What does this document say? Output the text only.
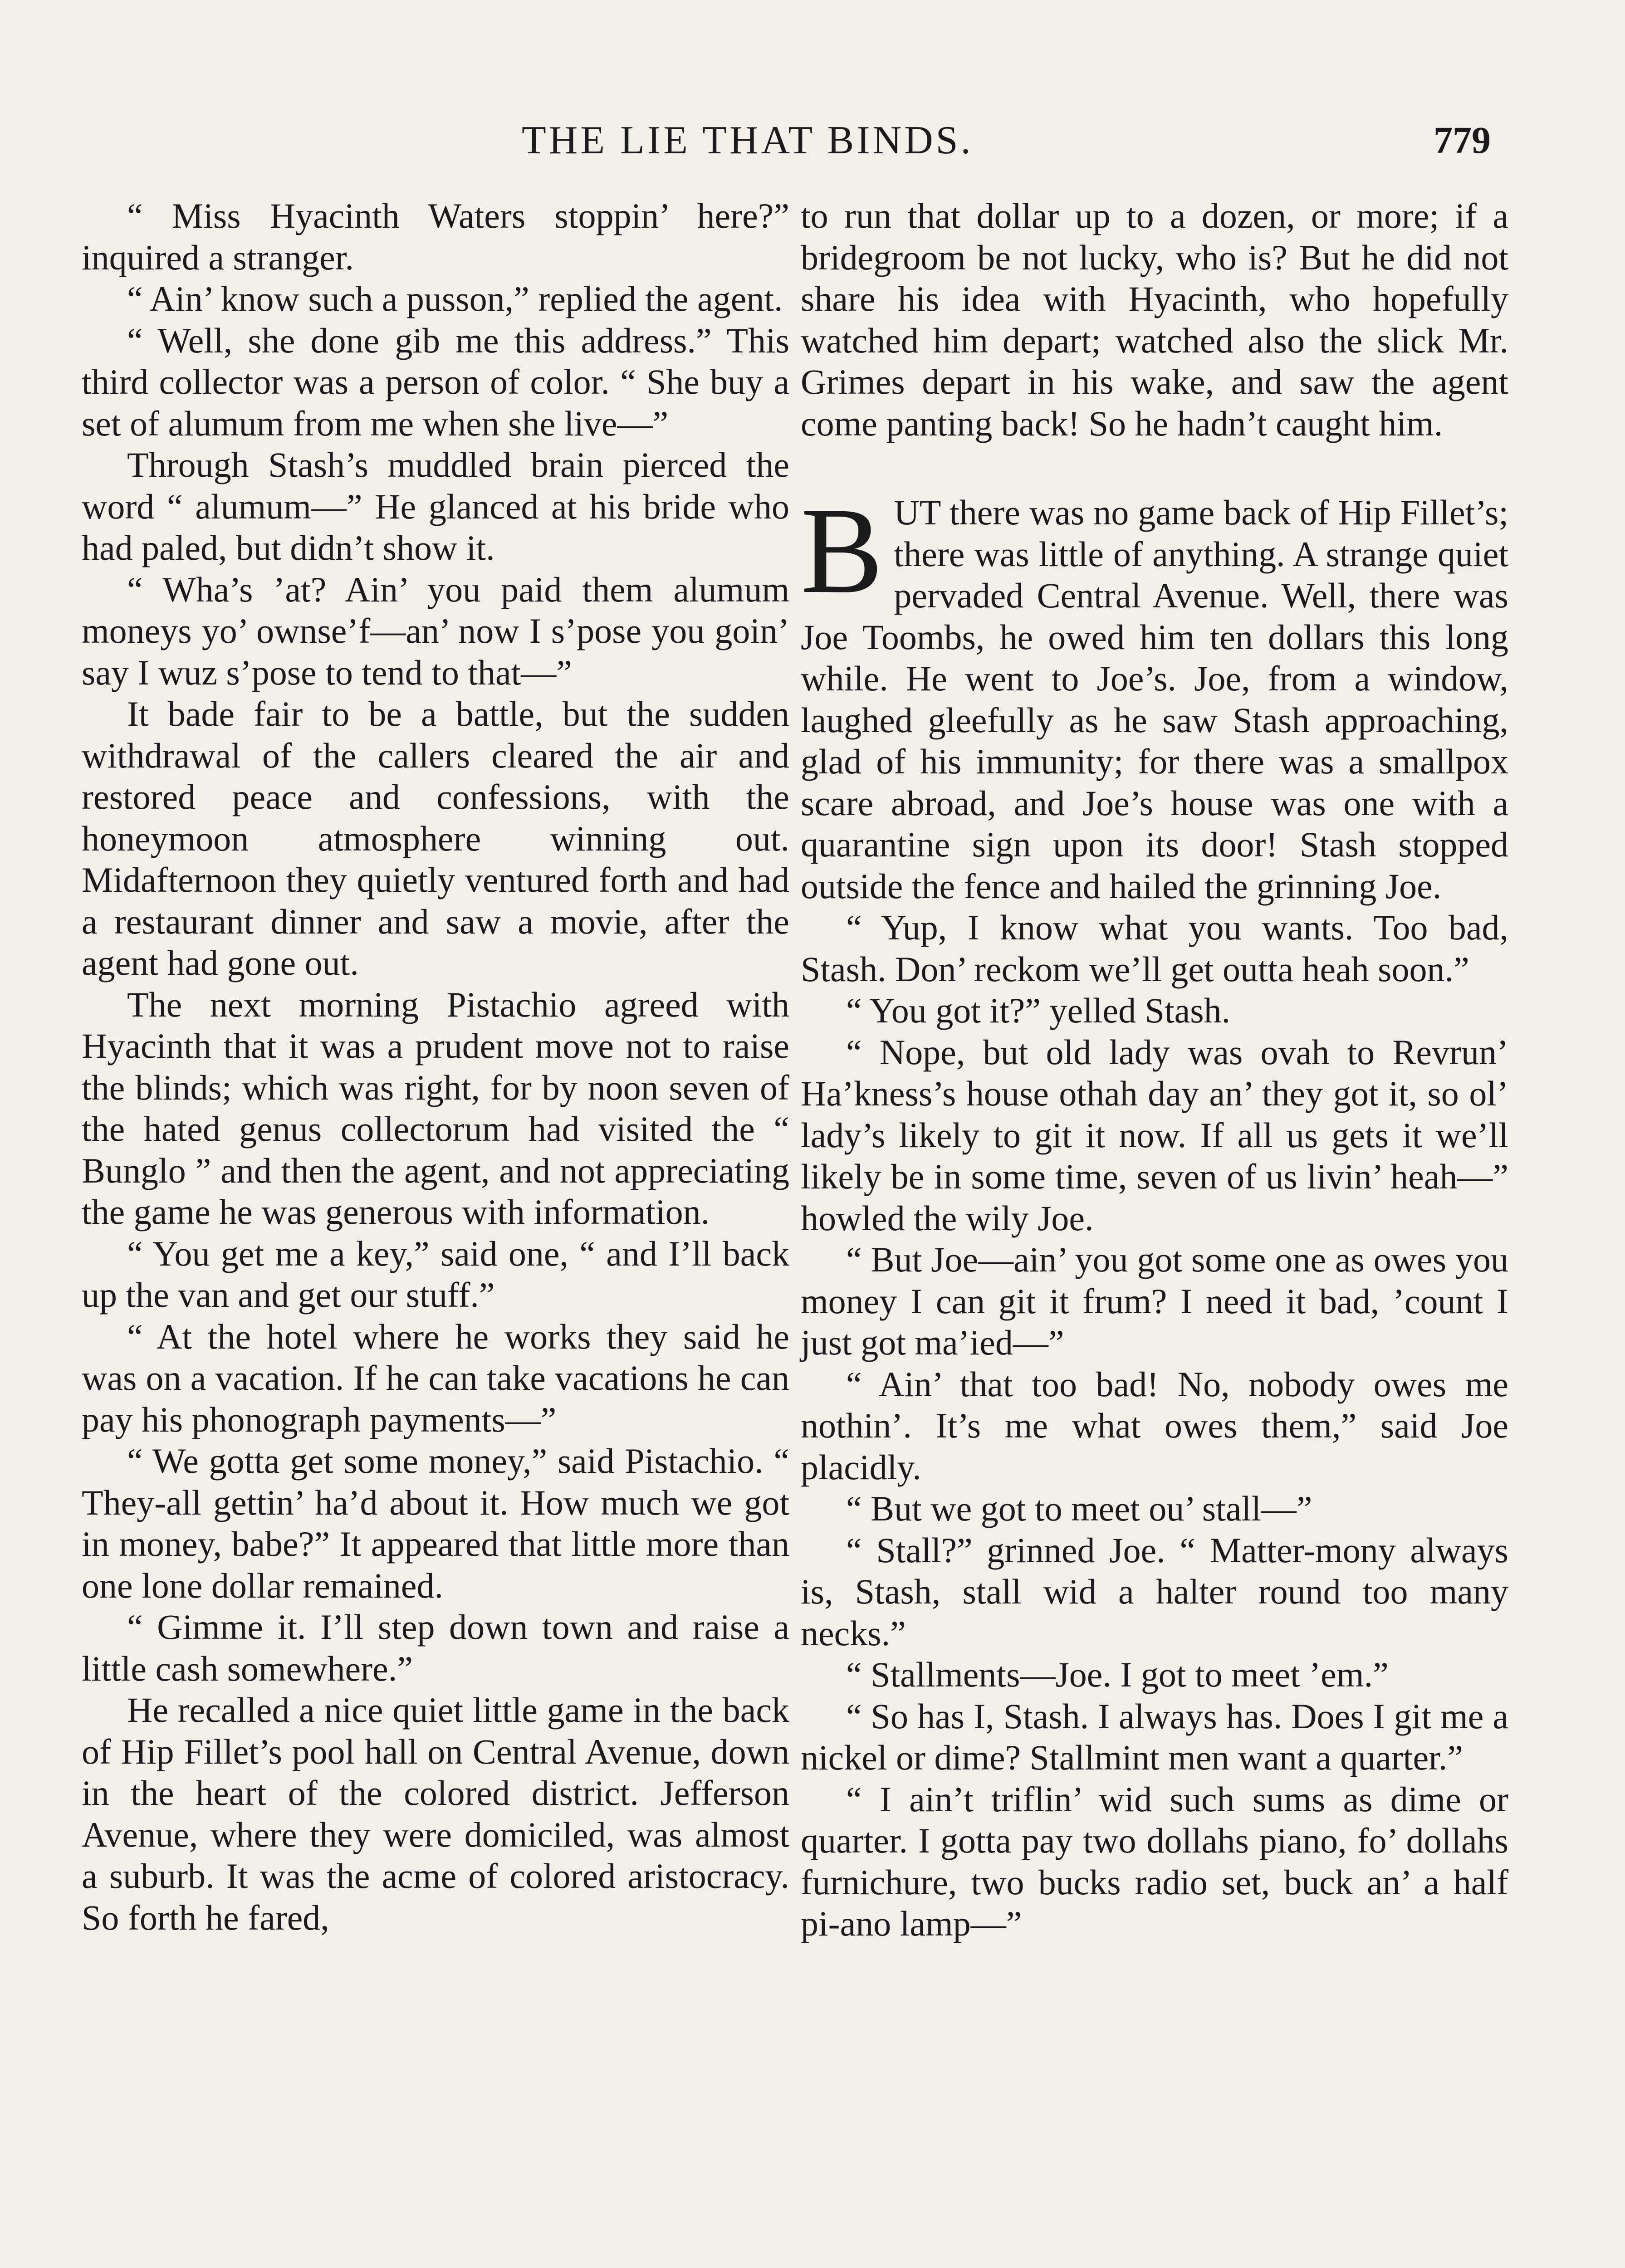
THE LIE THAT BINDS.	779

“ Miss Hyacinth Waters stoppin’ here?” inquired a stranger.

“ Ain’ know such a pusson,” replied the agent.

“ Well, she done gib me this address.” This third collector was a person of color. “ She buy a set of alumum from me when she live—”

Through Stash’s muddled brain pierced the word “ alumum—” He glanced at his bride who had paled, but didn’t show it.

“ Wha’s ’at? Ain’ you paid them alumum moneys yo’ ownse’f—an’ now I s’pose you goin’ say I wuz s’pose to tend to that—”

It bade fair to be a battle, but the sudden withdrawal of the callers cleared the air and restored peace and confessions, with the honeymoon atmosphere winning out. Midafternoon they quietly ventured forth and had a restaurant dinner and saw a movie, after the agent had gone out.

The next morning Pistachio agreed with Hyacinth that it was a prudent move not to raise the blinds; which was right, for by noon seven of the hated genus collectorum had visited the “ Bunglo ” and then the agent, and not appreciating the game he was generous with information.

“ You get me a key,” said one, “ and I’ll back up the van and get our stuff.”

“ At the hotel where he works they said he was on a vacation. If he can take vacations he can pay his phonograph payments—”

“ We gotta get some money,” said Pistachio. “ They-all gettin’ ha’d about it. How much we got in money, babe?” It appeared that little more than one lone dollar remained.

“ Gimme it. I’ll step down town and raise a little cash somewhere.”

He recalled a nice quiet little game in the back of Hip Fillet’s pool hall on Central Avenue, down in the heart of the colored district. Jefferson Avenue, where they were domiciled, was almost a suburb. It was the acme of colored aristocracy. So forth he fared,

to run that dollar up to a dozen, or more; if a bridegroom be not lucky, who is? But he did not share his idea with Hyacinth, who hopefully watched him depart; watched also the slick Mr. Grimes depart in his wake, and saw the agent come panting back! So he hadn’t caught him.

BUT there was no game back of Hip Fillet’s; there was little of anything. A strange quiet pervaded Central Avenue. Well, there was Joe Toombs, he owed him ten dollars this long while. He went to Joe’s. Joe, from a window, laughed gleefully as he saw Stash approaching, glad of his immunity; for there was a smallpox scare abroad, and Joe’s house was one with a quarantine sign upon its door! Stash stopped outside the fence and hailed the grinning Joe.

“ Yup, I know what you wants. Too bad, Stash. Don’ reckom we’ll get outta heah soon.”

“ You got it?” yelled Stash.

“ Nope, but old lady was ovah to Revrun’ Ha’kness’s house othah day an’ they got it, so ol’ lady’s likely to git it now. If all us gets it we’ll likely be in some time, seven of us livin’ heah—” howled the wily Joe.

“ But Joe—ain’ you got some one as owes you money I can git it frum? I need it bad, ’count I just got ma’ied—”

“ Ain’ that too bad! No, nobody owes me nothin’. It’s me what owes them,” said Joe placidly.

“ But we got to meet ou’ stall—”

“ Stall?” grinned Joe. “ Matter-mony always is, Stash, stall wid a halter round too many necks.”

“ Stallments—Joe. I got to meet ’em.”

“ So has I, Stash. I always has. Does I git me a nickel or dime? Stallmint men want a quarter.”

“ I ain’t triflin’ wid such sums as dime or quarter. I gotta pay two dollahs piano, fo’ dollahs furnichure, two bucks radio set, buck an’ a half pi-ano lamp—”
